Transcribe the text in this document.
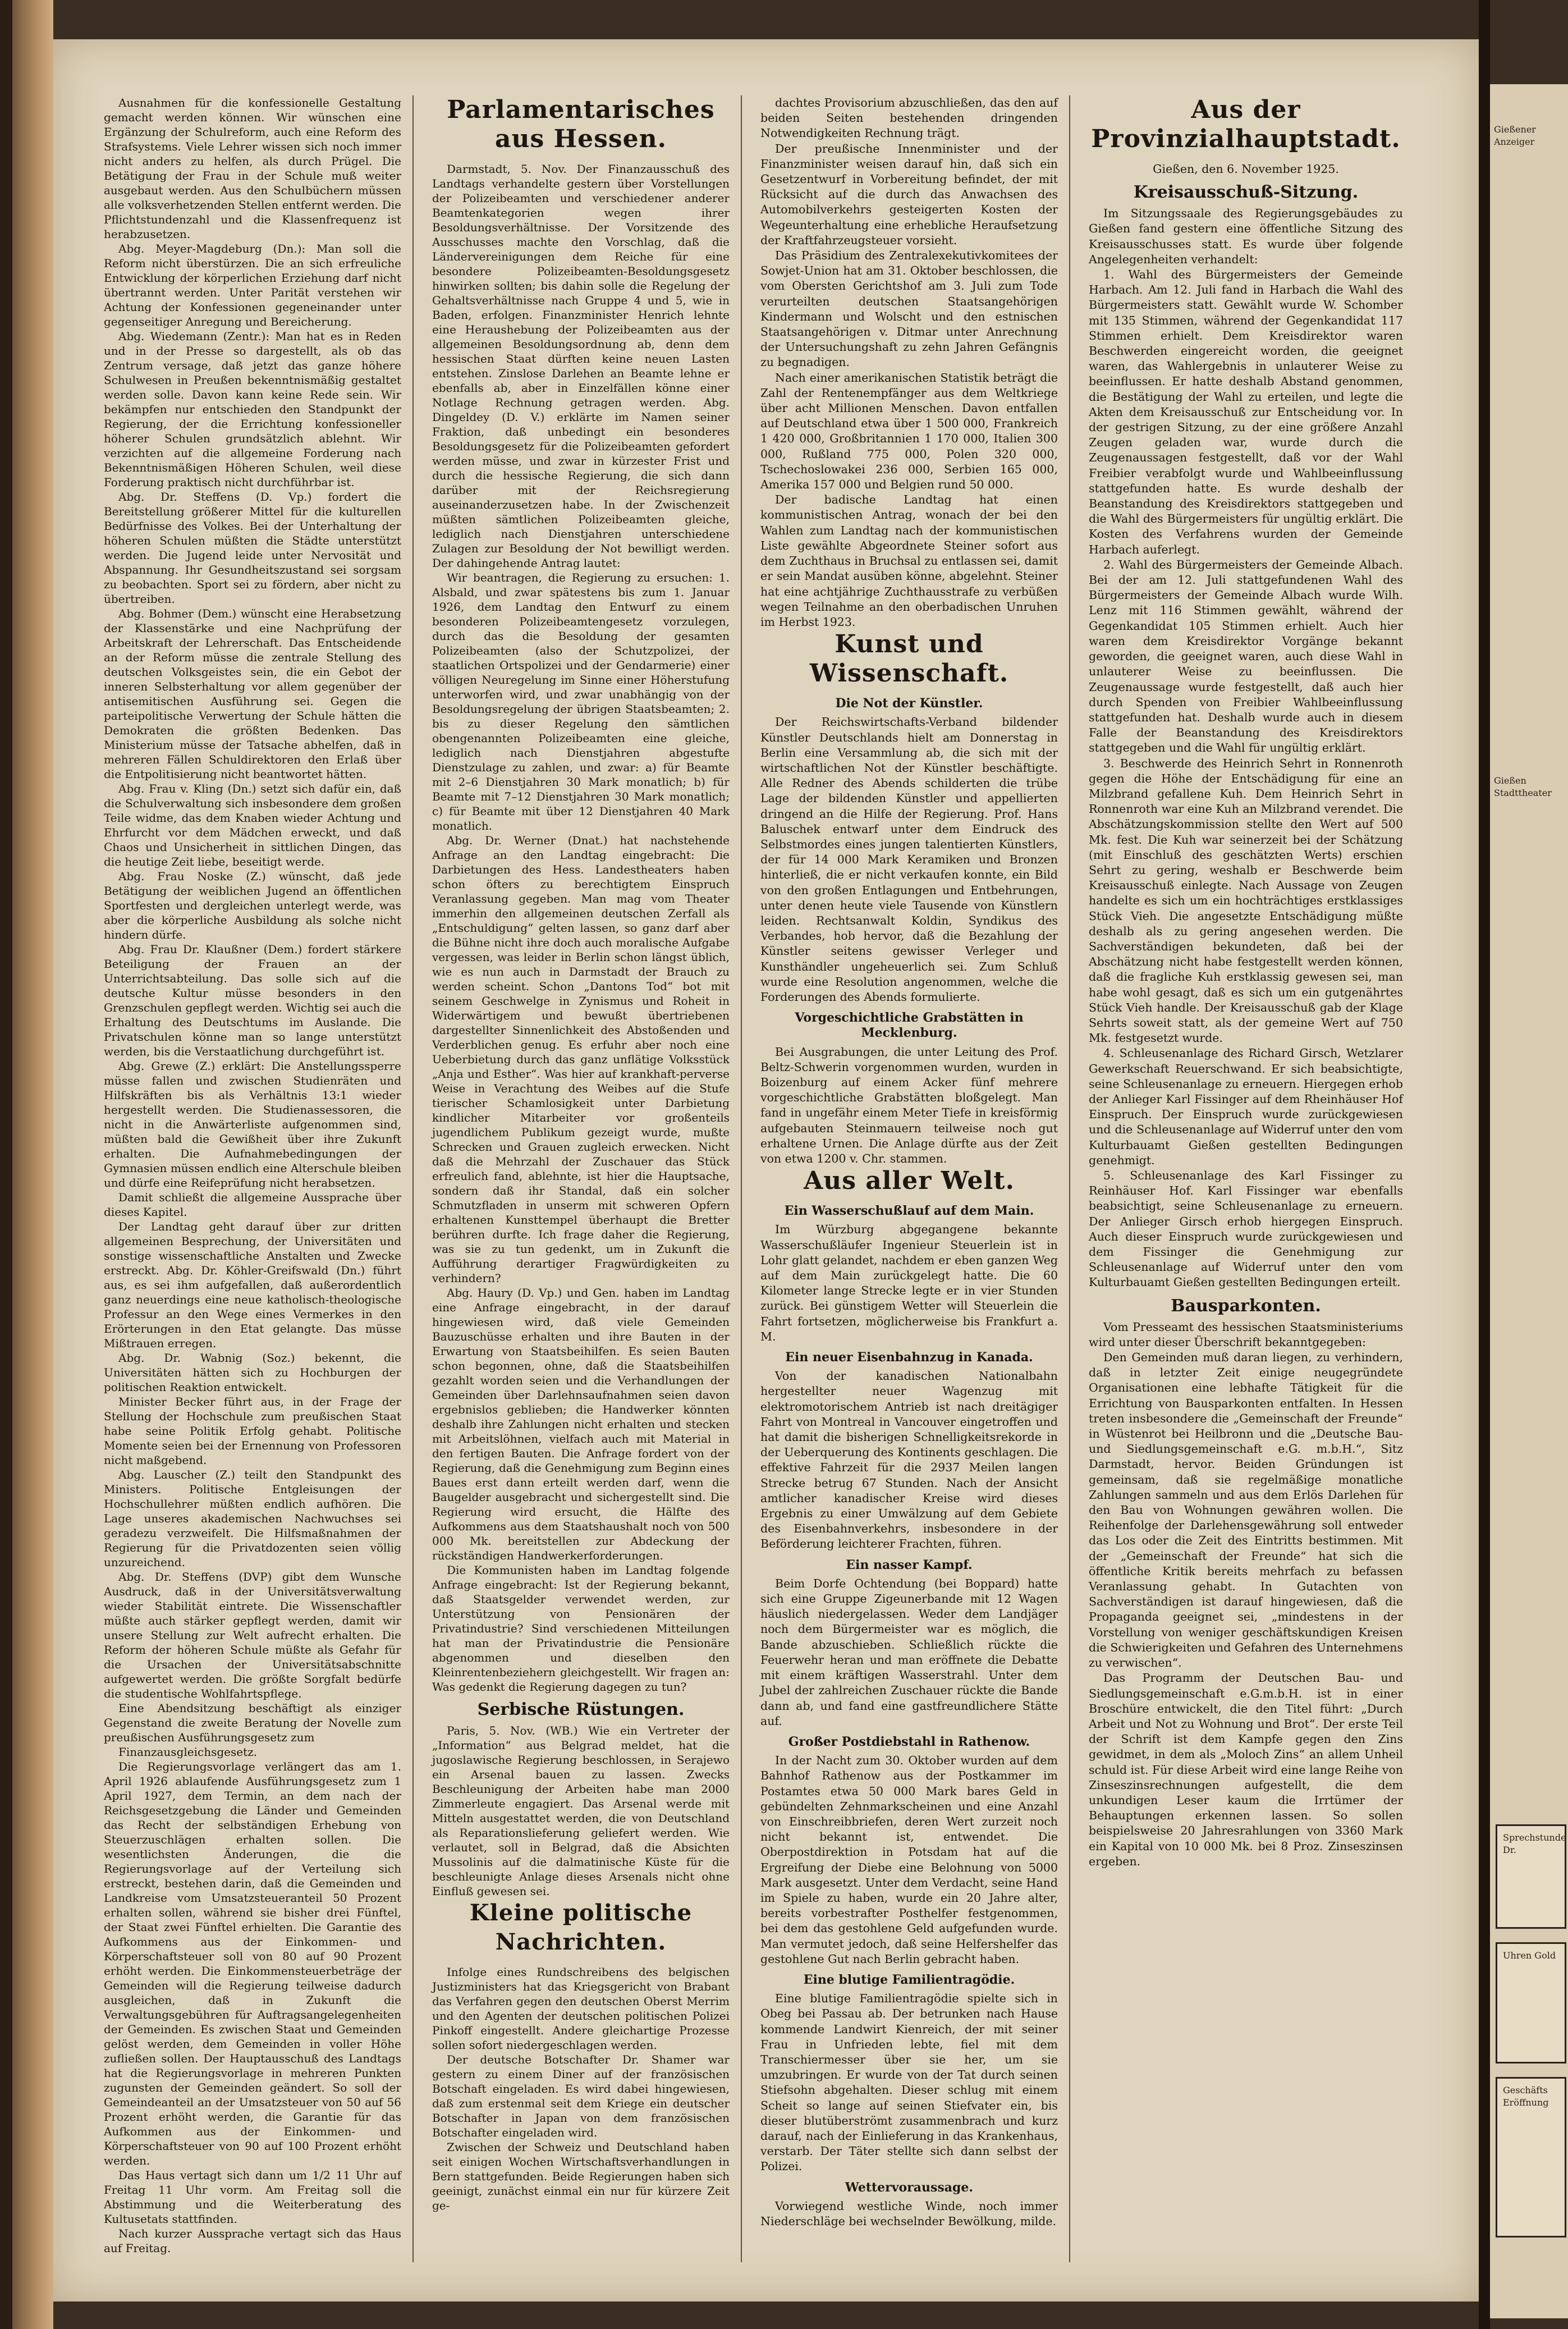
Ausnahmen für die konfessionelle Gestaltung gemacht werden können. Wir wünschen eine Ergänzung der Schulreform, auch eine Reform des Strafsystems. Viele Lehrer wissen sich noch immer nicht anders zu helfen, als durch Prügel. Die Betätigung der Frau in der Schule muß weiter ausgebaut werden. Aus den Schulbüchern müssen alle volksverhetzenden Stellen entfernt werden. Die Pflichtstundenzahl und die Klassenfrequenz ist herabzusetzen.

Abg. Meyer-Magdeburg (Dn.): Man soll die Reform nicht überstürzen. Die an sich erfreuliche Entwicklung der körperlichen Erziehung darf nicht übertrannt werden. Unter Parität verstehen wir Achtung der Konfessionen gegeneinander unter gegenseitiger Anregung und Bereicherung.

Abg. Wiedemann (Zentr.): Man hat es in Reden und in der Presse so dargestellt, als ob das Zentrum versage, daß jetzt das ganze höhere Schulwesen in Preußen bekenntnismäßig gestaltet werden solle. Davon kann keine Rede sein. Wir bekämpfen nur entschieden den Standpunkt der Regierung, der die Errichtung konfessioneller höherer Schulen grundsätzlich ablehnt. Wir verzichten auf die allgemeine Forderung nach Bekenntnismäßigen Höheren Schulen, weil diese Forderung praktisch nicht durchführbar ist.

Abg. Dr. Steffens (D. Vp.) fordert die Bereitstellung größerer Mittel für die kulturellen Bedürfnisse des Volkes. Bei der Unterhaltung der höheren Schulen müßten die Städte unterstützt werden. Die Jugend leide unter Nervosität und Abspannung. Ihr Gesundheitszustand sei sorgsam zu beobachten. Sport sei zu fördern, aber nicht zu übertreiben.

Abg. Bohmer (Dem.) wünscht eine Herabsetzung der Klassenstärke und eine Nachprüfung der Arbeitskraft der Lehrerschaft. Das Entscheidende an der Reform müsse die zentrale Stellung des deutschen Volksgeistes sein, die ein Gebot der inneren Selbsterhaltung vor allem gegenüber der antisemitischen Ausführung sei. Gegen die parteipolitische Verwertung der Schule hätten die Demokraten die größten Bedenken. Das Ministerium müsse der Tatsache abhelfen, daß in mehreren Fällen Schuldirektoren den Erlaß über die Entpolitisierung nicht beantwortet hätten.

Abg. Frau v. Kling (Dn.) setzt sich dafür ein, daß die Schulverwaltung sich insbesondere dem großen Teile widme, das dem Knaben wieder Achtung und Ehrfurcht vor dem Mädchen erweckt, und daß Chaos und Unsicherheit in sittlichen Dingen, das die heutige Zeit liebe, beseitigt werde.

Abg. Frau Noske (Z.) wünscht, daß jede Betätigung der weiblichen Jugend an öffentlichen Sportfesten und dergleichen unterlegt werde, was aber die körperliche Ausbildung als solche nicht hindern dürfe.

Abg. Frau Dr. Klaußner (Dem.) fordert stärkere Beteiligung der Frauen an der Unterrichtsabteilung. Das solle sich auf die deutsche Kultur müsse besonders in den Grenzschulen gepflegt werden. Wichtig sei auch die Erhaltung des Deutschtums im Auslande. Die Privatschulen könne man so lange unterstützt werden, bis die Verstaatlichung durchgeführt ist.

Abg. Grewe (Z.) erklärt: Die Anstellungssperre müsse fallen und zwischen Studienräten und Hilfskräften bis als Verhältnis 13:1 wieder hergestellt werden. Die Studienassessoren, die nicht in die Anwärterliste aufgenommen sind, müßten bald die Gewißheit über ihre Zukunft erhalten. Die Aufnahmebedingungen der Gymnasien müssen endlich eine Alterschule bleiben und dürfe eine Reifeprüfung nicht herabsetzen.

Damit schließt die allgemeine Aussprache über dieses Kapitel.

Der Landtag geht darauf über zur dritten allgemeinen Besprechung, der Universitäten und sonstige wissenschaftliche Anstalten und Zwecke erstreckt. Abg. Dr. Köhler-Greifswald (Dn.) führt aus, es sei ihm aufgefallen, daß außerordentlich ganz neuerdings eine neue katholisch-theologische Professur an den Wege eines Vermerkes in den Erörterungen in den Etat gelangte. Das müsse Mißtrauen erregen.

Abg. Dr. Wabnig (Soz.) bekennt, die Universitäten hätten sich zu Hochburgen der politischen Reaktion entwickelt.

Minister Becker führt aus, in der Frage der Stellung der Hochschule zum preußischen Staat habe seine Politik Erfolg gehabt. Politische Momente seien bei der Ernennung von Professoren nicht maßgebend.

Abg. Lauscher (Z.) teilt den Standpunkt des Ministers. Politische Entgleisungen der Hochschullehrer müßten endlich aufhören. Die Lage unseres akademischen Nachwuchses sei geradezu verzweifelt. Die Hilfsmaßnahmen der Regierung für die Privatdozenten seien völlig unzureichend.

Abg. Dr. Steffens (DVP) gibt dem Wunsche Ausdruck, daß in der Universitätsverwaltung wieder Stabilität eintrete. Die Wissenschaftler müßte auch stärker gepflegt werden, damit wir unsere Stellung zur Welt aufrecht erhalten. Die Reform der höheren Schule müßte als Gefahr für die Ursachen der Universitätsabschnitte aufgewertet werden. Die größte Sorgfalt bedürfe die studentische Wohlfahrtspflege.

Eine Abendsitzung beschäftigt als einziger Gegenstand die zweite Beratung der Novelle zum preußischen Ausführungsgesetz zum

Finanzausgleichsgesetz.

Die Regierungsvorlage verlängert das am 1. April 1926 ablaufende Ausführungsgesetz zum 1 April 1927, dem Termin, an dem nach der Reichsgesetzgebung die Länder und Gemeinden das Recht der selbständigen Erhebung von Steuerzuschlägen erhalten sollen. Die wesentlichsten Änderungen, die die Regierungsvorlage auf der Verteilung sich erstreckt, bestehen darin, daß die Gemeinden und Landkreise vom Umsatzsteueranteil 50 Prozent erhalten sollen, während sie bisher drei Fünftel, der Staat zwei Fünftel erhielten. Die Garantie des Aufkommens aus der Einkommen- und Körperschaftsteuer soll von 80 auf 90 Prozent erhöht werden. Die Einkommensteuerbeträge der Gemeinden will die Regierung teilweise dadurch ausgleichen, daß in Zukunft die Verwaltungsgebühren für Auftragsangelegenheiten der Gemeinden. Es zwischen Staat und Gemeinden gelöst werden, dem Gemeinden in voller Höhe zufließen sollen. Der Hauptausschuß des Landtags hat die Regierungsvorlage in mehreren Punkten zugunsten der Gemeinden geändert. So soll der Gemeindeanteil an der Umsatzsteuer von 50 auf 56 Prozent erhöht werden, die Garantie für das Aufkommen aus der Einkommen- und Körperschaftsteuer von 90 auf 100 Prozent erhöht werden.

Das Haus vertagt sich dann um 1/2 11 Uhr auf Freitag 11 Uhr vorm. Am Freitag soll die Abstimmung und die Weiterberatung des Kultusetats stattfinden.

Nach kurzer Aussprache vertagt sich das Haus auf Freitag.

Parlamentarisches aus Hessen.

Darmstadt, 5. Nov. Der Finanzausschuß des Landtags verhandelte gestern über Vorstellungen der Polizeibeamten und verschiedener anderer Beamtenkategorien wegen ihrer Besoldungsverhältnisse. Der Vorsitzende des Ausschusses machte den Vorschlag, daß die Ländervereinigungen dem Reiche für eine besondere Polizeibeamten-Besoldungsgesetz hinwirken sollten; bis dahin solle die Regelung der Gehaltsverhältnisse nach Gruppe 4 und 5, wie in Baden, erfolgen. Finanzminister Henrich lehnte eine Heraushebung der Polizeibeamten aus der allgemeinen Besoldungsordnung ab, denn dem hessischen Staat dürften keine neuen Lasten entstehen. Zinslose Darlehen an Beamte lehne er ebenfalls ab, aber in Einzelfällen könne einer Notlage Rechnung getragen werden. Abg. Dingeldey (D. V.) erklärte im Namen seiner Fraktion, daß unbedingt ein besonderes Besoldungsgesetz für die Polizeibeamten gefordert werden müsse, und zwar in kürzester Frist und durch die hessische Regierung, die sich dann darüber mit der Reichsregierung auseinanderzusetzen habe. In der Zwischenzeit müßten sämtlichen Polizeibeamten gleiche, lediglich nach Dienstjahren unterschiedene Zulagen zur Besoldung der Not bewilligt werden. Der dahingehende Antrag lautet:

Wir beantragen, die Regierung zu ersuchen: 1. Alsbald, und zwar spätestens bis zum 1. Januar 1926, dem Landtag den Entwurf zu einem besonderen Polizeibeamtengesetz vorzulegen, durch das die Besoldung der gesamten Polizeibeamten (also der Schutzpolizei, der staatlichen Ortspolizei und der Gendarmerie) einer völligen Neuregelung im Sinne einer Höherstufung unterworfen wird, und zwar unabhängig von der Besoldungsregelung der übrigen Staatsbeamten; 2. bis zu dieser Regelung den sämtlichen obengenannten Polizeibeamten eine gleiche, lediglich nach Dienstjahren abgestufte Dienstzulage zu zahlen, und zwar: a) für Beamte mit 2–6 Dienstjahren 30 Mark monatlich; b) für Beamte mit 7–12 Dienstjahren 30 Mark monatlich; c) für Beamte mit über 12 Dienstjahren 40 Mark monatlich.

Abg. Dr. Werner (Dnat.) hat nachstehende Anfrage an den Landtag eingebracht: Die Darbietungen des Hess. Landestheaters haben schon öfters zu berechtigtem Einspruch Veranlassung gegeben. Man mag vom Theater immerhin den allgemeinen deutschen Zerfall als „Entschuldigung“ gelten lassen, so ganz darf aber die Bühne nicht ihre doch auch moralische Aufgabe vergessen, was leider in Berlin schon längst üblich, wie es nun auch in Darmstadt der Brauch zu werden scheint. Schon „Dantons Tod“ bot mit seinem Geschwelge in Zynismus und Roheit in Widerwärtigem und bewußt übertriebenen dargestellter Sinnenlichkeit des Abstoßenden und Verderblichen genug. Es erfuhr aber noch eine Ueberbietung durch das ganz unflätige Volksstück „Anja und Esther“. Was hier auf krankhaft-perverse Weise in Verachtung des Weibes auf die Stufe tierischer Schamlosigkeit unter Darbietung kindlicher Mitarbeiter vor großenteils jugendlichem Publikum gezeigt wurde, mußte Schrecken und Grauen zugleich erwecken. Nicht daß die Mehrzahl der Zuschauer das Stück erfreulich fand, ablehnte, ist hier die Hauptsache, sondern daß ihr Standal, daß ein solcher Schmutzfladen in unserm mit schweren Opfern erhaltenen Kunsttempel überhaupt die Bretter berühren durfte. Ich frage daher die Regierung, was sie zu tun gedenkt, um in Zukunft die Aufführung derartiger Fragwürdigkeiten zu verhindern?

Abg. Haury (D. Vp.) und Gen. haben im Landtag eine Anfrage eingebracht, in der darauf hingewiesen wird, daß viele Gemeinden Bauzuschüsse erhalten und ihre Bauten in der Erwartung von Staatsbeihilfen. Es seien Bauten schon begonnen, ohne, daß die Staatsbeihilfen gezahlt worden seien und die Verhandlungen der Gemeinden über Darlehnsaufnahmen seien davon ergebnislos geblieben; die Handwerker könnten deshalb ihre Zahlungen nicht erhalten und stecken mit Arbeitslöhnen, vielfach auch mit Material in den fertigen Bauten. Die Anfrage fordert von der Regierung, daß die Genehmigung zum Beginn eines Baues erst dann erteilt werden darf, wenn die Baugelder ausgebracht und sichergestellt sind. Die Regierung wird ersucht, die Hälfte des Aufkommens aus dem Staatshaushalt noch von 500 000 Mk. bereitstellen zur Abdeckung der rückständigen Handwerkerforderungen.

Die Kommunisten haben im Landtag folgende Anfrage eingebracht: Ist der Regierung bekannt, daß Staatsgelder verwendet werden, zur Unterstützung von Pensionären der Privatindustrie? Sind verschiedenen Mitteilungen hat man der Privatindustrie die Pensionäre abgenommen und dieselben den Kleinrentenbeziehern gleichgestellt. Wir fragen an: Was gedenkt die Regierung dagegen zu tun?

Serbische Rüstungen.

Paris, 5. Nov. (WB.) Wie ein Vertreter der „Information“ aus Belgrad meldet, hat die jugoslawische Regierung beschlossen, in Serajewo ein Arsenal bauen zu lassen. Zwecks Beschleunigung der Arbeiten habe man 2000 Zimmerleute engagiert. Das Arsenal werde mit Mitteln ausgestattet werden, die von Deutschland als Reparationslieferung geliefert werden. Wie verlautet, soll in Belgrad, daß die Absichten Mussolinis auf die dalmatinische Küste für die beschleunigte Anlage dieses Arsenals nicht ohne Einfluß gewesen sei.

Kleine politische Nachrichten.

Infolge eines Rundschreibens des belgischen Justizministers hat das Kriegsgericht von Brabant das Verfahren gegen den deutschen Oberst Merrim und den Agenten der deutschen politischen Polizei Pinkoff eingestellt. Andere gleichartige Prozesse sollen sofort niedergeschlagen werden.

Der deutsche Botschafter Dr. Shamer war gestern zu einem Diner auf der französischen Botschaft eingeladen. Es wird dabei hingewiesen, daß zum erstenmal seit dem Kriege ein deutscher Botschafter in Japan von dem französischen Botschafter eingeladen wird.

Zwischen der Schweiz und Deutschland haben seit einigen Wochen Wirtschaftsverhandlungen in Bern stattgefunden. Beide Regierungen haben sich geeinigt, zunächst einmal ein nur für kürzere Zeit ge-

dachtes Provisorium abzuschließen, das den auf beiden Seiten bestehenden dringenden Notwendigkeiten Rechnung trägt.

Der preußische Innenminister und der Finanzminister weisen darauf hin, daß sich ein Gesetzentwurf in Vorbereitung befindet, der mit Rücksicht auf die durch das Anwachsen des Automobilverkehrs gesteigerten Kosten der Wegeunterhaltung eine erhebliche Heraufsetzung der Kraftfahrzeugsteuer vorsieht.

Das Präsidium des Zentralexekutivkomitees der Sowjet-Union hat am 31. Oktober beschlossen, die vom Obersten Gerichtshof am 3. Juli zum Tode verurteilten deutschen Staatsangehörigen Kindermann und Wolscht und den estnischen Staatsangehörigen v. Ditmar unter Anrechnung der Untersuchungshaft zu zehn Jahren Gefängnis zu begnadigen.

Nach einer amerikanischen Statistik beträgt die Zahl der Rentenempfänger aus dem Weltkriege über acht Millionen Menschen. Davon entfallen auf Deutschland etwa über 1 500 000, Frankreich 1 420 000, Großbritannien 1 170 000, Italien 300 000, Rußland 775 000, Polen 320 000, Tschechoslowakei 236 000, Serbien 165 000, Amerika 157 000 und Belgien rund 50 000.

Der badische Landtag hat einen kommunistischen Antrag, wonach der bei den Wahlen zum Landtag nach der kommunistischen Liste gewählte Abgeordnete Steiner sofort aus dem Zuchthaus in Bruchsal zu entlassen sei, damit er sein Mandat ausüben könne, abgelehnt. Steiner hat eine achtjährige Zuchthausstrafe zu verbüßen wegen Teilnahme an den oberbadischen Unruhen im Herbst 1923.

Kunst und Wissenschaft.
Die Not der Künstler.

Der Reichswirtschafts-Verband bildender Künstler Deutschlands hielt am Donnerstag in Berlin eine Versammlung ab, die sich mit der wirtschaftlichen Not der Künstler beschäftigte. Alle Redner des Abends schilderten die trübe Lage der bildenden Künstler und appellierten dringend an die Hilfe der Regierung. Prof. Hans Baluschek entwarf unter dem Eindruck des Selbstmordes eines jungen talentierten Künstlers, der für 14 000 Mark Keramiken und Bronzen hinterließ, die er nicht verkaufen konnte, ein Bild von den großen Entlagungen und Entbehrungen, unter denen heute viele Tausende von Künstlern leiden. Rechtsanwalt Koldin, Syndikus des Verbandes, hob hervor, daß die Bezahlung der Künstler seitens gewisser Verleger und Kunsthändler ungeheuerlich sei. Zum Schluß wurde eine Resolution angenommen, welche die Forderungen des Abends formulierte.

Vorgeschichtliche Grabstätten in Mecklenburg.

Bei Ausgrabungen, die unter Leitung des Prof. Beltz-Schwerin vorgenommen wurden, wurden in Boizenburg auf einem Acker fünf mehrere vorgeschichtliche Grabstätten bloßgelegt. Man fand in ungefähr einem Meter Tiefe in kreisförmig aufgebauten Steinmauern teilweise noch gut erhaltene Urnen. Die Anlage dürfte aus der Zeit von etwa 1200 v. Chr. stammen.

Aus aller Welt.
Ein Wasserschußlauf auf dem Main.

Im Würzburg abgegangene bekannte Wasserschußläufer Ingenieur Steuerlein ist in Lohr glatt gelandet, nachdem er eben ganzen Weg auf dem Main zurückgelegt hatte. Die 60 Kilometer lange Strecke legte er in vier Stunden zurück. Bei günstigem Wetter will Steuerlein die Fahrt fortsetzen, möglicherweise bis Frankfurt a. M.

Ein neuer Eisenbahnzug in Kanada.

Von der kanadischen Nationalbahn hergestellter neuer Wagenzug mit elektromotorischem Antrieb ist nach dreitägiger Fahrt von Montreal in Vancouver eingetroffen und hat damit die bisherigen Schnelligkeitsrekorde in der Ueberquerung des Kontinents geschlagen. Die effektive Fahrzeit für die 2937 Meilen langen Strecke betrug 67 Stunden. Nach der Ansicht amtlicher kanadischer Kreise wird dieses Ergebnis zu einer Umwälzung auf dem Gebiete des Eisenbahnverkehrs, insbesondere in der Beförderung leichterer Frachten, führen.

Ein nasser Kampf.

Beim Dorfe Ochtendung (bei Boppard) hatte sich eine Gruppe Zigeunerbande mit 12 Wagen häuslich niedergelassen. Weder dem Landjäger noch dem Bürgermeister war es möglich, die Bande abzuschieben. Schließlich rückte die Feuerwehr heran und man eröffnete die Debatte mit einem kräftigen Wasserstrahl. Unter dem Jubel der zahlreichen Zuschauer rückte die Bande dann ab, und fand eine gastfreundlichere Stätte auf.

Großer Postdiebstahl in Rathenow.

In der Nacht zum 30. Oktober wurden auf dem Bahnhof Rathenow aus der Postkammer im Postamtes etwa 50 000 Mark bares Geld in gebündelten Zehnmarkscheinen und eine Anzahl von Einschreibbriefen, deren Wert zurzeit noch nicht bekannt ist, entwendet. Die Oberpostdirektion in Potsdam hat auf die Ergreifung der Diebe eine Belohnung von 5000 Mark ausgesetzt. Unter dem Verdacht, seine Hand im Spiele zu haben, wurde ein 20 Jahre alter, bereits vorbestrafter Posthelfer festgenommen, bei dem das gestohlene Geld aufgefunden wurde. Man vermutet jedoch, daß seine Helfershelfer das gestohlene Gut nach Berlin gebracht haben.

Eine blutige Familientragödie.

Eine blutige Familientragödie spielte sich in Obeg bei Passau ab. Der betrunken nach Hause kommende Landwirt Kienreich, der mit seiner Frau in Unfrieden lebte, fiel mit dem Transchiermesser über sie her, um sie umzubringen. Er wurde von der Tat durch seinen Stiefsohn abgehalten. Dieser schlug mit einem Scheit so lange auf seinen Stiefvater ein, bis dieser blutüberströmt zusammenbrach und kurz darauf, nach der Einlieferung in das Krankenhaus, verstarb. Der Täter stellte sich dann selbst der Polizei.

Wettervoraussage.

Vorwiegend westliche Winde, noch immer Niederschläge bei wechselnder Bewölkung, milde.

Aus der Provinzialhauptstadt.

Gießen, den 6. November 1925.

Kreisausschuß-Sitzung.

Im Sitzungssaale des Regierungsgebäudes zu Gießen fand gestern eine öffentliche Sitzung des Kreisausschusses statt. Es wurde über folgende Angelegenheiten verhandelt:

1. Wahl des Bürgermeisters der Gemeinde Harbach. Am 12. Juli fand in Harbach die Wahl des Bürgermeisters statt. Gewählt wurde W. Schomber mit 135 Stimmen, während der Gegenkandidat 117 Stimmen erhielt. Dem Kreisdirektor waren Beschwerden eingereicht worden, die geeignet waren, das Wahlergebnis in unlauterer Weise zu beeinflussen. Er hatte deshalb Abstand genommen, die Bestätigung der Wahl zu erteilen, und legte die Akten dem Kreisausschuß zur Entscheidung vor. In der gestrigen Sitzung, zu der eine größere Anzahl Zeugen geladen war, wurde durch die Zeugenaussagen festgestellt, daß vor der Wahl Freibier verabfolgt wurde und Wahlbeeinflussung stattgefunden hatte. Es wurde deshalb der Beanstandung des Kreisdirektors stattgegeben und die Wahl des Bürgermeisters für ungültig erklärt. Die Kosten des Verfahrens wurden der Gemeinde Harbach auferlegt.

2. Wahl des Bürgermeisters der Gemeinde Albach. Bei der am 12. Juli stattgefundenen Wahl des Bürgermeisters der Gemeinde Albach wurde Wilh. Lenz mit 116 Stimmen gewählt, während der Gegenkandidat 105 Stimmen erhielt. Auch hier waren dem Kreisdirektor Vorgänge bekannt geworden, die geeignet waren, auch diese Wahl in unlauterer Weise zu beeinflussen. Die Zeugenaussage wurde festgestellt, daß auch hier durch Spenden von Freibier Wahlbeeinflussung stattgefunden hat. Deshalb wurde auch in diesem Falle der Beanstandung des Kreisdirektors stattgegeben und die Wahl für ungültig erklärt.

3. Beschwerde des Heinrich Sehrt in Ronnenroth gegen die Höhe der Entschädigung für eine an Milzbrand gefallene Kuh. Dem Heinrich Sehrt in Ronnenroth war eine Kuh an Milzbrand verendet. Die Abschätzungskommission stellte den Wert auf 500 Mk. fest. Die Kuh war seinerzeit bei der Schätzung (mit Einschluß des geschätzten Werts) erschien Sehrt zu gering, weshalb er Beschwerde beim Kreisausschuß einlegte. Nach Aussage von Zeugen handelte es sich um ein hochträchtiges erstklassiges Stück Vieh. Die angesetzte Entschädigung müßte deshalb als zu gering angesehen werden. Die Sachverständigen bekundeten, daß bei der Abschätzung nicht habe festgestellt werden können, daß die fragliche Kuh erstklassig gewesen sei, man habe wohl gesagt, daß es sich um ein gutgenährtes Stück Vieh handle. Der Kreisausschuß gab der Klage Sehrts soweit statt, als der gemeine Wert auf 750 Mk. festgesetzt wurde.

4. Schleusenanlage des Richard Girsch, Wetzlarer Gewerkschaft Reuerschwand. Er sich beabsichtigte, seine Schleusenanlage zu erneuern. Hiergegen erhob der Anlieger Karl Fissinger auf dem Rheinhäuser Hof Einspruch. Der Einspruch wurde zurückgewiesen und die Schleusenanlage auf Widerruf unter den vom Kulturbauamt Gießen gestellten Bedingungen genehmigt.

5. Schleusenanlage des Karl Fissinger zu Reinhäuser Hof. Karl Fissinger war ebenfalls beabsichtigt, seine Schleusenanlage zu erneuern. Der Anlieger Girsch erhob hiergegen Einspruch. Auch dieser Einspruch wurde zurückgewiesen und dem Fissinger die Genehmigung zur Schleusenanlage auf Widerruf unter den vom Kulturbauamt Gießen gestellten Bedingungen erteilt.

Bausparkonten.

Vom Presseamt des hessischen Staatsministeriums wird unter dieser Überschrift bekanntgegeben:

Den Gemeinden muß daran liegen, zu verhindern, daß in letzter Zeit einige neugegründete Organisationen eine lebhafte Tätigkeit für die Errichtung von Bausparkonten entfalten. In Hessen treten insbesondere die „Gemeinschaft der Freunde“ in Wüstenrot bei Heilbronn und die „Deutsche Bau- und Siedlungsgemeinschaft e.G. m.b.H.“, Sitz Darmstadt, hervor. Beiden Gründungen ist gemeinsam, daß sie regelmäßige monatliche Zahlungen sammeln und aus dem Erlös Darlehen für den Bau von Wohnungen gewähren wollen. Die Reihenfolge der Darlehensgewährung soll entweder das Los oder die Zeit des Eintritts bestimmen. Mit der „Gemeinschaft der Freunde“ hat sich die öffentliche Kritik bereits mehrfach zu befassen Veranlassung gehabt. In Gutachten von Sachverständigen ist darauf hingewiesen, daß die Propaganda geeignet sei, „mindestens in der Vorstellung von weniger geschäftskundigen Kreisen die Schwierigkeiten und Gefahren des Unternehmens zu verwischen“.

Das Programm der Deutschen Bau- und Siedlungsgemeinschaft e.G.m.b.H. ist in einer Broschüre entwickelt, die den Titel führt: „Durch Arbeit und Not zu Wohnung und Brot“. Der erste Teil der Schrift ist dem Kampfe gegen den Zins gewidmet, in dem als „Moloch Zins“ an allem Unheil schuld ist. Für diese Arbeit wird eine lange Reihe von Zinseszinsrechnungen aufgestellt, die dem unkundigen Leser kaum die Irrtümer der Behauptungen erkennen lassen. So sollen beispielsweise 20 Jahresrahlungen von 3360 Mark ein Kapital von 10 000 Mk. bei 8 Proz. Zinseszinsen ergeben.

Gießener Anzeiger
Gießen Stadttheater
Sprechstunde Dr.
Uhren Gold
Geschäfts Eröffnung
